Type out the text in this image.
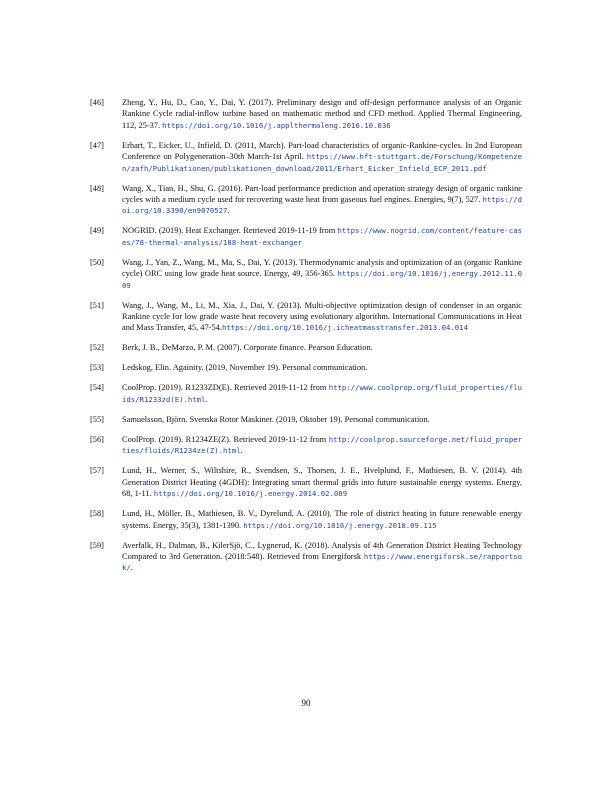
[46]	Zheng, Y., Hu, D., Cao, Y., Dai, Y. (2017). Preliminary design and off-design performance analysis of an Organic Rankine Cycle radial-inflow turbine based on mathematic method and CFD method. Applied Thermal Engineering, 112, 25-37. https://doi.org/10.1016/j.applthermaleng.2016.10.036
[47]	Erhart, T., Eicker, U., Infield, D. (2011, March). Part-load characteristics of organic-Rankine-cycles. In 2nd European Conference on Polygeneration–30th March-1st April. https://www.hft-stuttgart.de/Forschung/Kompetenzen/zafh/Publikationen/publikationen_download/2011/Erhart_Eicker_Infield_ECP_2011.pdf
[48]	Wang, X., Tian, H., Shu, G. (2016). Part-load performance prediction and operation strategy design of organic rankine cycles with a medium cycle used for recovering waste heat from gaseous fuel engines. Energies, 9(7), 527. https://doi.org/10.3390/en9070527.
[49]	NOGRID. (2019). Heat Exchanger. Retrieved 2019-11-19 from https://www.nogrid.com/content/feature-cases/78-thermal-analysis/188-heat-exchanger
[50]	Wang, J., Yan, Z., Wang, M., Ma, S., Dai, Y. (2013). Thermodynamic analysis and optimization of an (organic Rankine cycle) ORC using low grade heat source. Energy, 49, 356-365. https://doi.org/10.1016/j.energy.2012.11.009
[51]	Wang, J., Wang, M., Li, M., Xia, J., Dai, Y. (2013). Multi-objective optimization design of condenser in an organic Rankine cycle for low grade waste heat recovery using evolutionary algorithm. International Communications in Heat and Mass Transfer, 45, 47-54.https://doi.org/10.1016/j.icheatmasstransfer.2013.04.014
[52]	Berk, J. B., DeMarzo, P. M. (2007). Corporate finance. Pearson Education.
[53]	Ledskog, Elin. Againity. (2019, November 19). Personal communication.
[54]	CoolProp. (2019). R1233ZD(E). Retrieved 2019-11-12 from http://www.coolprop.org/fluid_properties/fluids/R1233zd(E).html.
[55]	Samuelsson, Björn. Svenska Rotor Maskiner. (2019, Oktober 19). Personal communication.
[56]	CoolProp. (2019). R1234ZE(Z). Retrieved 2019-11-12 from http://coolprop.sourceforge.net/fluid_properties/fluids/R1234ze(Z).html.
[57]	Lund, H., Werner, S., Wiltshire, R., Svendsen, S., Thorsen, J. E., Hvelplund, F., Mathiesen, B. V. (2014). 4th Generation District Heating (4GDH): Integrating smart thermal grids into future sustainable energy systems. Energy, 68, 1-11. https://doi.org/10.1016/j.energy.2014.02.089
[58]	Lund, H., Möller, B., Mathiesen, B. V., Dyrelund, A. (2010). The role of district heating in future renewable energy systems. Energy, 35(3), 1381-1390. https://doi.org/10.1016/j.energy.2018.09.115
[59]	Averfalk, H., Dalman, B., KilerSjö, C., Lygnerud, K. (2018). Analysis of 4th Generation District Heating Technology Compared to 3rd Generation. (2018:548). Retrieved from Energiforsk https://www.energiforsk.se/rapportsok/.
90
